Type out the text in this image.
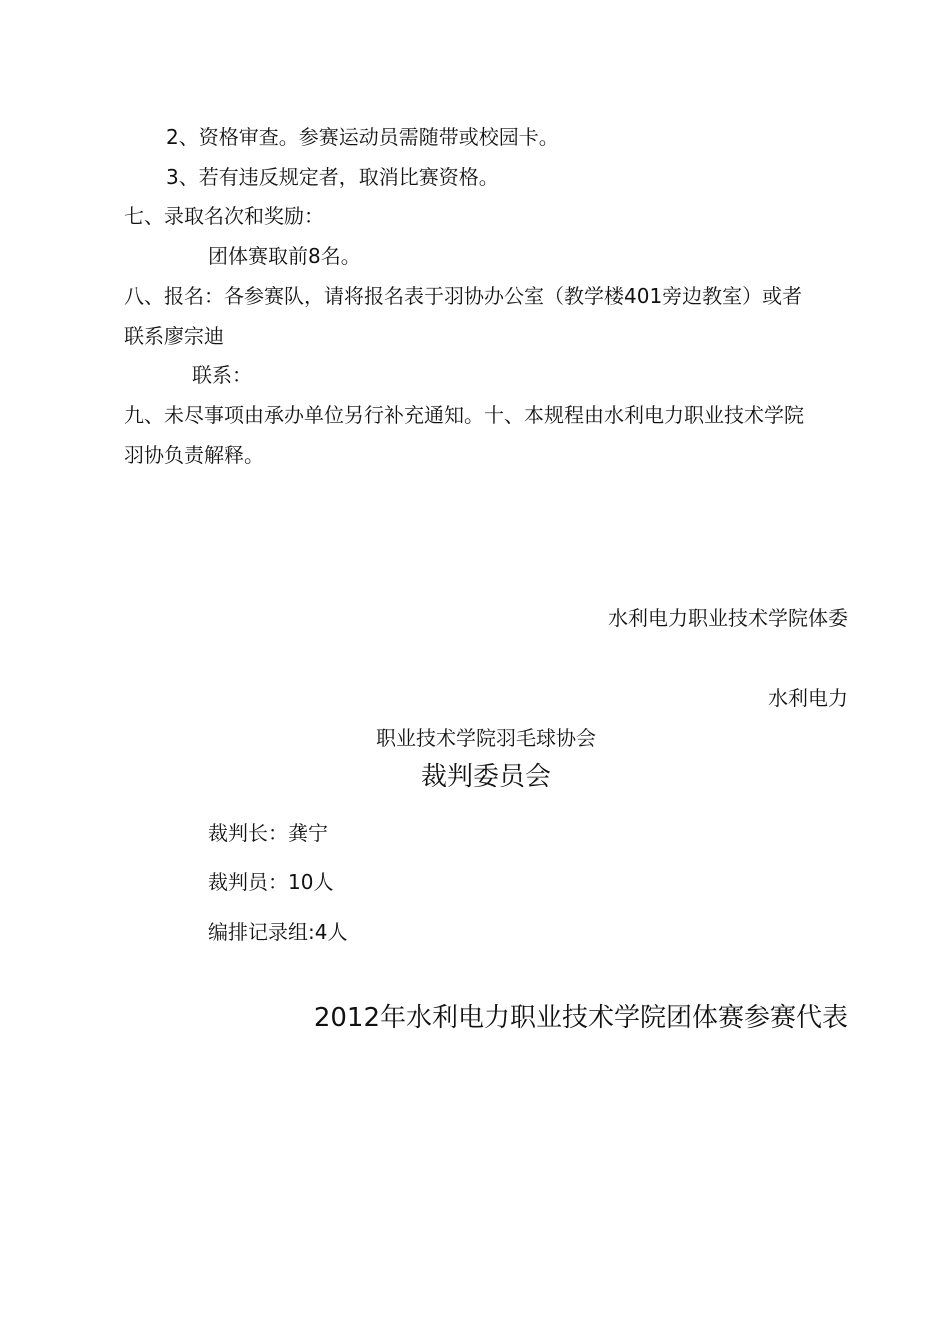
2、资格审查。参赛运动员需随带或校园卡。
3、若有违反规定者，取消比赛资格。
七、录取名次和奖励：
团体赛取前8名。
八、报名：各参赛队，请将报名表于羽协办公室（教学楼401旁边教室）或者
联系廖宗迪
联系：
九、未尽事项由承办单位另行补充通知。十、本规程由水利电力职业技术学院
羽协负责解释。
水利电力职业技术学院体委
水利电力
职业技术学院羽毛球协会
裁判委员会
裁判长：龚宁
裁判员：10人
编排记录组:4人
2012年水利电力职业技术学院团体赛参赛代表
